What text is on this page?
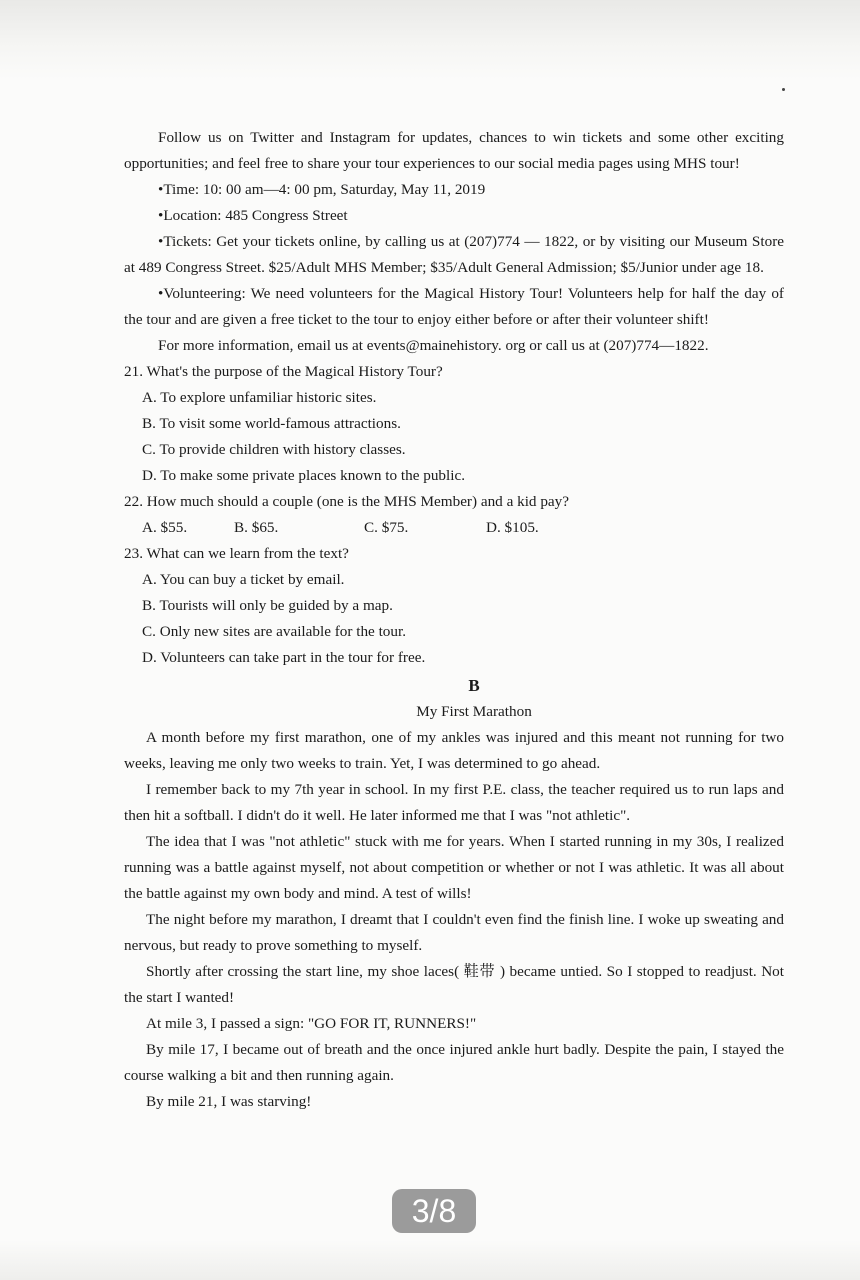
Follow us on Twitter and Instagram for updates, chances to win tickets and some other exciting opportunities; and feel free to share your tour experiences to our social media pages using MHS tour!

•Time: 10: 00 am—4: 00 pm, Saturday, May 11, 2019

•Location: 485 Congress Street

•Tickets: Get your tickets online, by calling us at (207)774 — 1822, or by visiting our Museum Store at 489 Congress Street. $25/Adult MHS Member; $35/Adult General Admission; $5/Junior under age 18.

•Volunteering: We need volunteers for the Magical History Tour! Volunteers help for half the day of the tour and are given a free ticket to the tour to enjoy either before or after their volunteer shift!

For more information, email us at events@mainehistory. org or call us at (207)774—1822.

21. What's the purpose of the Magical History Tour?

A. To explore unfamiliar historic sites.

B. To visit some world-famous attractions.

C. To provide children with history classes.

D. To make some private places known to the public.

22. How much should a couple (one is the MHS Member) and a kid pay?

A. $55.	B. $65.	C. $75.	D. $105.

23. What can we learn from the text?

A. You can buy a ticket by email.

B. Tourists will only be guided by a map.

C. Only new sites are available for the tour.

D. Volunteers can take part in the tour for free.

B

My First Marathon

A month before my first marathon, one of my ankles was injured and this meant not running for two weeks, leaving me only two weeks to train. Yet, I was determined to go ahead.

I remember back to my 7th year in school. In my first P.E. class, the teacher required us to run laps and then hit a softball. I didn't do it well. He later informed me that I was "not athletic".

The idea that I was "not athletic" stuck with me for years. When I started running in my 30s, I realized running was a battle against myself, not about competition or whether or not I was athletic. It was all about the battle against my own body and mind. A test of wills!

The night before my marathon, I dreamt that I couldn't even find the finish line. I woke up sweating and nervous, but ready to prove something to myself.

Shortly after crossing the start line, my shoe laces( 鞋带 ) became untied. So I stopped to readjust. Not the start I wanted!

At mile 3, I passed a sign: "GO FOR IT, RUNNERS!"

By mile 17, I became out of breath and the once injured ankle hurt badly. Despite the pain, I stayed the course walking a bit and then running again.

By mile 21, I was starving!

3/8
